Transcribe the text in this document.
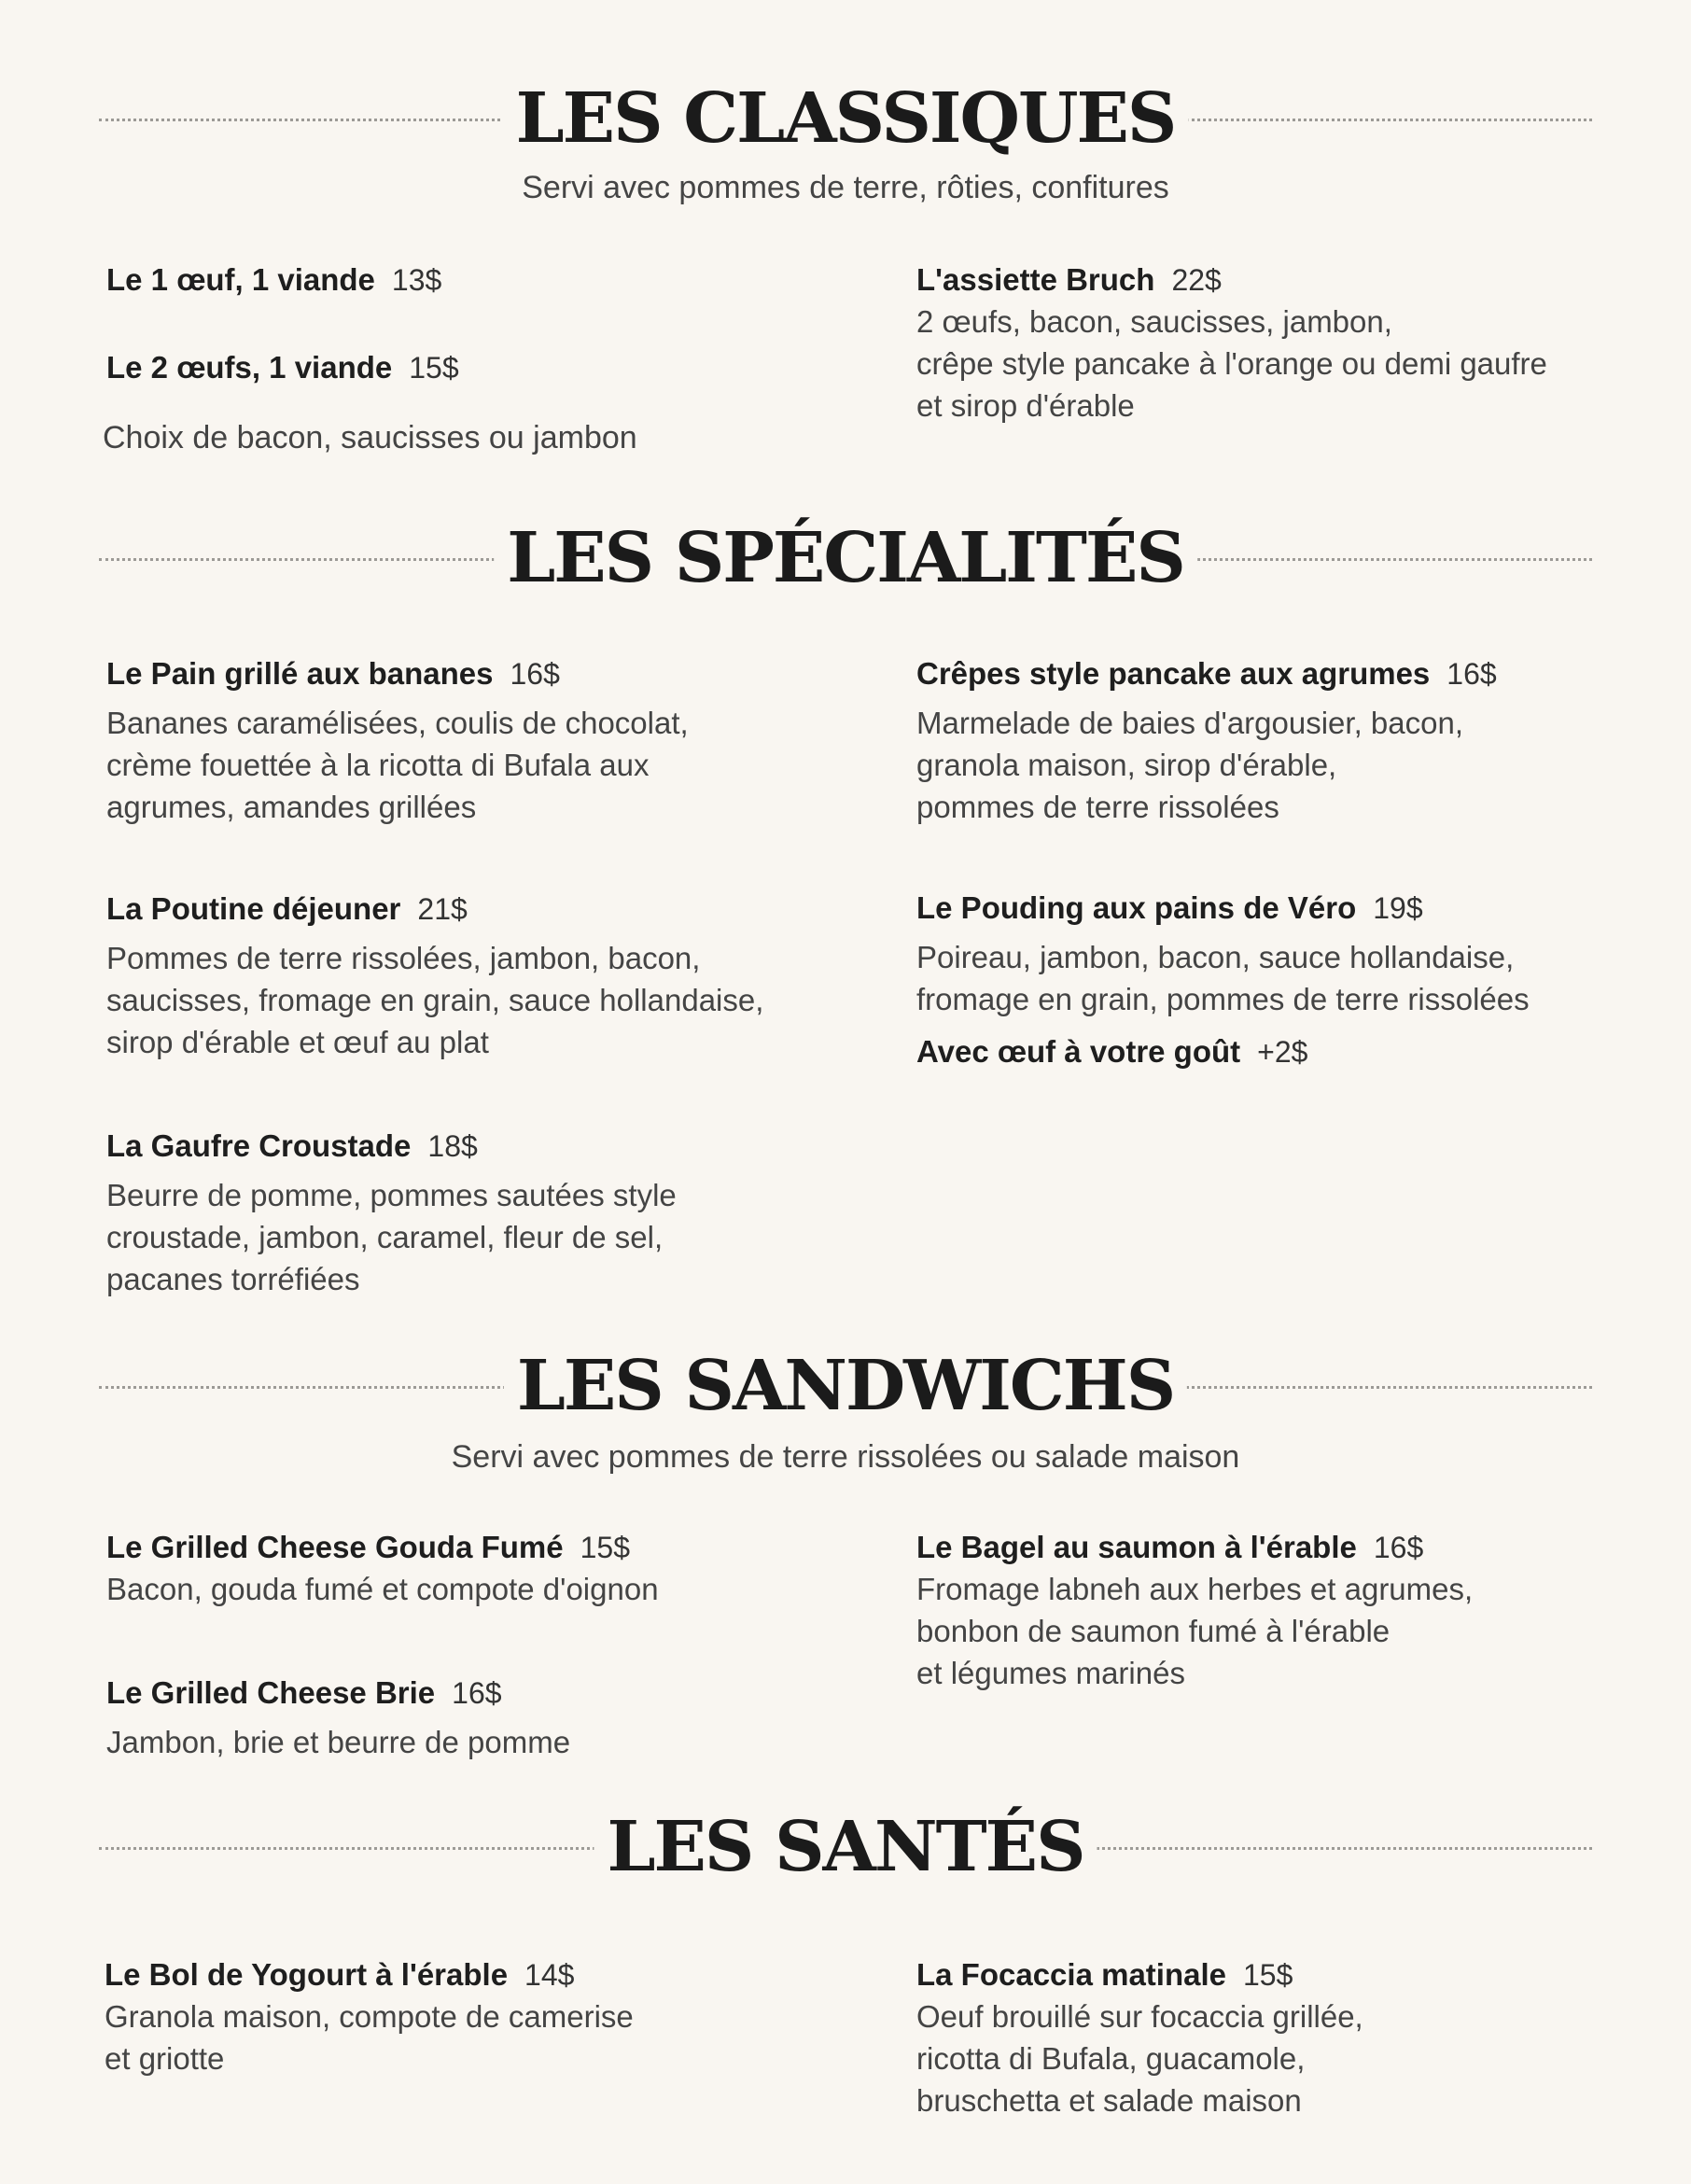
LES CLASSIQUES

Servi avec pommes de terre, rôties, confitures

Le 1 œuf, 1 viande 13$
Le 2 œufs, 1 viande 15$
Choix de bacon, saucisses ou jambon
L'assiette Bruch 22$
2 œufs, bacon, saucisses, jambon,
crêpe style pancake à l'orange ou demi gaufre
et sirop d'érable
LES SPÉCIALITÉS
Le Pain grillé aux bananes 16$
Bananes caramélisées, coulis de chocolat,
crème fouettée à la ricotta di Bufala aux
agrumes, amandes grillées
Crêpes style pancake aux agrumes 16$
Marmelade de baies d'argousier, bacon,
granola maison, sirop d'érable,
pommes de terre rissolées
La Poutine déjeuner 21$
Pommes de terre rissolées, jambon, bacon,
saucisses, fromage en grain, sauce hollandaise,
sirop d'érable et œuf au plat
Le Pouding aux pains de Véro 19$
Poireau, jambon, bacon, sauce hollandaise,
fromage en grain, pommes de terre rissolées
Avec œuf à votre goût +2$
La Gaufre Croustade 18$
Beurre de pomme, pommes sautées style
croustade, jambon, caramel, fleur de sel,
pacanes torréfiées
LES SANDWICHS

Servi avec pommes de terre rissolées ou salade maison

Le Grilled Cheese Gouda Fumé 15$
Bacon, gouda fumé et compote d'oignon
Le Bagel au saumon à l'érable 16$
Fromage labneh aux herbes et agrumes,
bonbon de saumon fumé à l'érable
et légumes marinés
Le Grilled Cheese Brie 16$
Jambon, brie et beurre de pomme
LES SANTÉS
Le Bol de Yogourt à l'érable 14$
Granola maison, compote de camerise
et griotte
La Focaccia matinale 15$
Oeuf brouillé sur focaccia grillée,
ricotta di Bufala, guacamole,
bruschetta et salade maison
